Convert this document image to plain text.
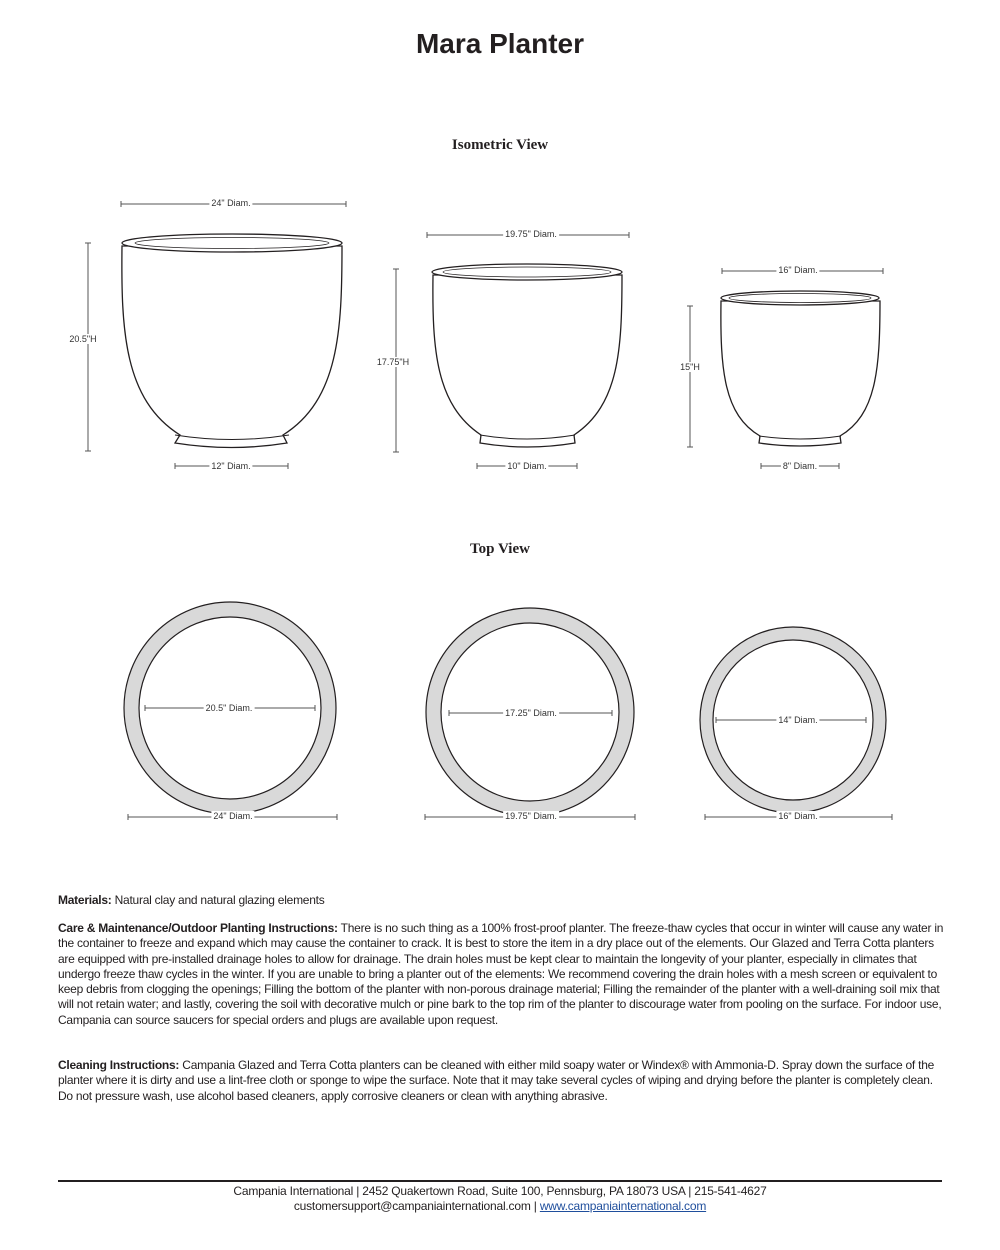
Mara Planter
Isometric View
24" Diam.
20.5"H
12" Diam.
19.75" Diam.
17.75"H
10" Diam.
16" Diam.
15"H
8" Diam.
Top View
20.5" Diam.
24" Diam.
17.25" Diam.
19.75" Diam.
14" Diam.
16" Diam.
Materials: Natural clay and natural glazing elements
Care & Maintenance/Outdoor Planting Instructions: There is no such thing as a 100% frost-proof planter. The freeze-thaw cycles that occur in winter will cause any water in the container to freeze and expand which may cause the container to crack. It is best to store the item in a dry place out of the elements. Our Glazed and Terra Cotta planters are equipped with pre-installed drainage holes to allow for drainage. The drain holes must be kept clear to maintain the longevity of your planter, especially in climates that undergo freeze thaw cycles in the winter. If you are unable to bring a planter out of the elements: We recommend covering the drain holes with a mesh screen or equivalent to keep debris from clogging the openings; Filling the bottom of the planter with non-porous drainage material; Filling the remainder of the planter with a well-draining soil mix that will not retain water; and lastly, covering the soil with decorative mulch or pine bark to the top rim of the planter to discourage water from pooling on the surface. For indoor use, Campania can source saucers for special orders and plugs are available upon request.
Cleaning Instructions: Campania Glazed and Terra Cotta planters can be cleaned with either mild soapy water or Windex® with Ammonia-D. Spray down the surface of the planter where it is dirty and use a lint-free cloth or sponge to wipe the surface. Note that it may take several cycles of wiping and drying before the planter is completely clean. Do not pressure wash, use alcohol based cleaners, apply corrosive cleaners or clean with anything abrasive.
Campania International | 2452 Quakertown Road, Suite 100, Pennsburg, PA 18073 USA | 215-541-4627
customersupport@campaniainternational.com | www.campaniainternational.com
